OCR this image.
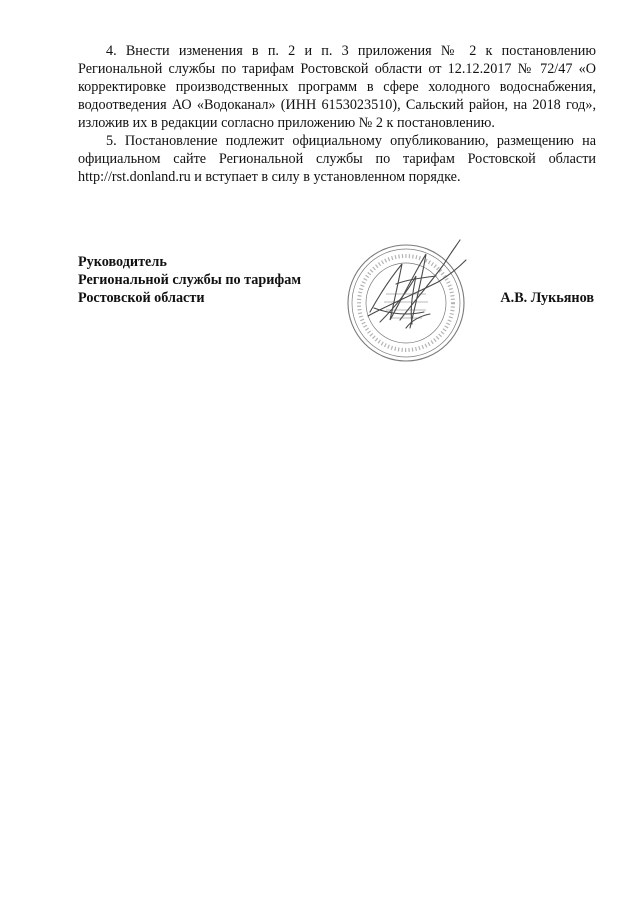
4. Внести изменения в п. 2 и п. 3 приложения № 2 к постановлению Региональной службы по тарифам Ростовской области от 12.12.2017 № 72/47 «О корректировке производственных программ в сфере холодного водоснабжения, водоотведения АО «Водоканал» (ИНН 6153023510), Сальский район, на 2018 год», изложив их в редакции согласно приложению № 2 к постановлению.

5. Постановление подлежит официальному опубликованию, размещению на официальном сайте Региональной службы по тарифам Ростовской области http://rst.donland.ru и вступает в силу в установленном порядке.

Руководитель
Региональной службы по тарифам
Ростовской области	А.В. Лукьянов
